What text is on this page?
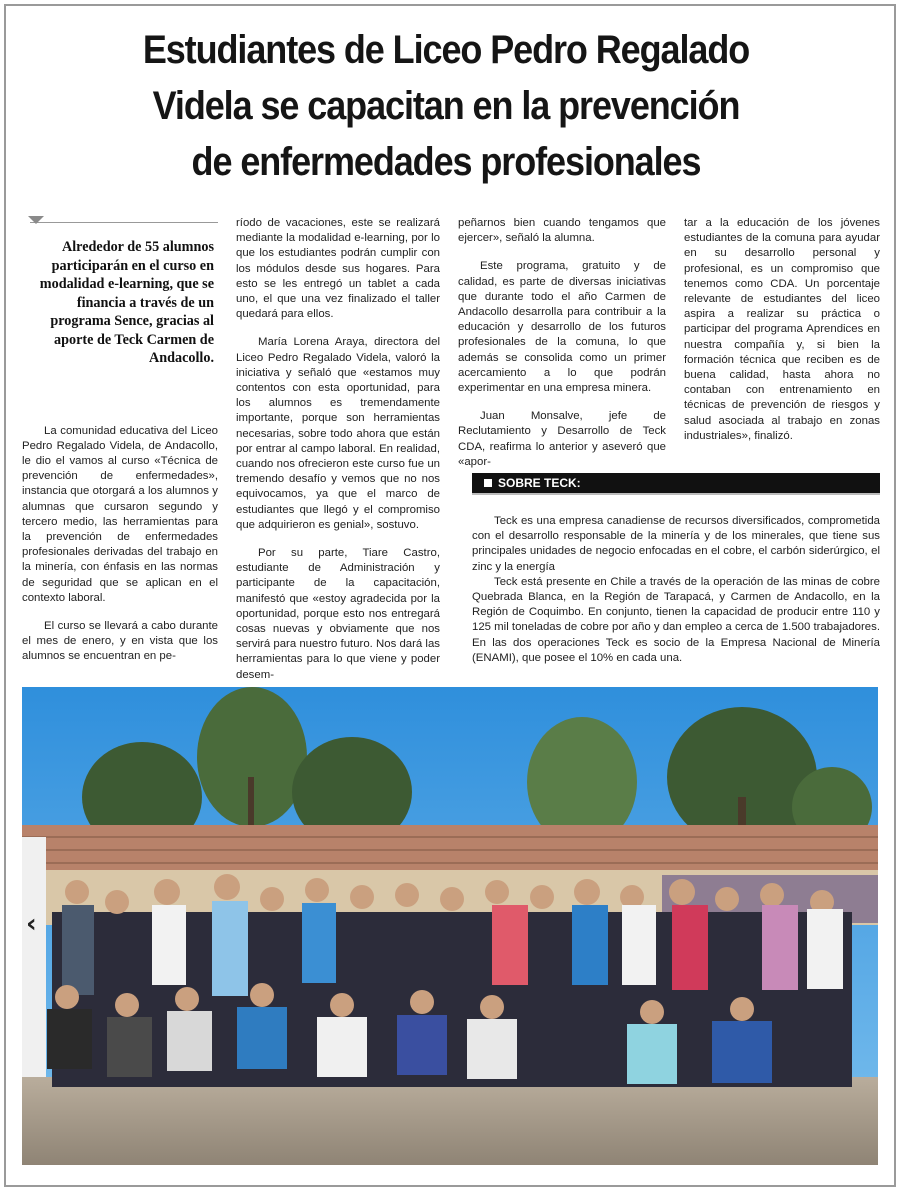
Estudiantes de Liceo Pedro Regalado
Videla se capacitan en la prevención
de enfermedades profesionales
Alrededor de 55 alumnos participarán en el curso en modalidad e-learning, que se financia a través de un programa Sence, gracias al aporte de Teck Carmen de Andacollo.

La comunidad educativa del Liceo Pedro Regalado Videla, de Andacollo, le dio el vamos al curso «Técnica de prevención de enfermedades», instancia que otorgará a los alumnos y alumnas que cursaron segundo y tercero medio, las herramientas para la prevención de enfermedades profesionales derivadas del trabajo en la minería, con énfasis en las normas de seguridad que se aplican en el contexto laboral.

El curso se llevará a cabo durante el mes de enero, y en vista que los alumnos se encuentran en pe-

ríodo de vacaciones, este se realizará mediante la modalidad e-learning, por lo que los estudiantes podrán cumplir con los módulos desde sus hogares. Para esto se les entregó un tablet a cada uno, el que una vez finalizado el taller quedará para ellos.

María Lorena Araya, directora del Liceo Pedro Regalado Videla, valoró la iniciativa y señaló que «estamos muy contentos con esta oportunidad, para los alumnos es tremendamente importante, porque son herramientas necesarias, sobre todo ahora que están por entrar al campo laboral. En realidad, cuando nos ofrecieron este curso fue un tremendo desafío y vemos que no nos equivocamos, ya que el marco de estudiantes que llegó y el compromiso que adquirieron es genial», sostuvo.

Por su parte, Tiare Castro, estudiante de Administración y participante de la capacitación, manifestó que «estoy agradecida por la oportunidad, porque esto nos entregará cosas nuevas y obviamente que nos servirá para nuestro futuro. Nos dará las herramientas para lo que viene y poder desem-

peñarnos bien cuando tengamos que ejercer», señaló la alumna.

Este programa, gratuito y de calidad, es parte de diversas iniciativas que durante todo el año Carmen de Andacollo desarrolla para contribuir a la educación y desarrollo de los futuros profesionales de la comuna, lo que además se consolida como un primer acercamiento a lo que podrán experimentar en una empresa minera.

Juan Monsalve, jefe de Reclutamiento y Desarrollo de Teck CDA, reafirma lo anterior y aseveró que «apor-

tar a la educación de los jóvenes estudiantes de la comuna para ayudar en su desarrollo personal y profesional, es un compromiso que tenemos como CDA. Un porcentaje relevante de estudiantes del liceo aspira a realizar su práctica o participar del programa Aprendices en nuestra compañía y, si bien la formación técnica que reciben es de buena calidad, hasta ahora no contaban con entrenamiento en técnicas de prevención de riesgos y salud asociada al trabajo en zonas industriales», finalizó.

SOBRE TECK:

Teck es una empresa canadiense de recursos diversificados, comprometida con el desarrollo responsable de la minería y de los minerales, que tiene sus principales unidades de negocio enfocadas en el cobre, el carbón siderúrgico, el zinc y la energía

Teck está presente en Chile a través de la operación de las minas de cobre Quebrada Blanca, en la Región de Tarapacá, y Carmen de Andacollo, en la Región de Coquimbo. En conjunto, tienen la capacidad de producir entre 110 y 125 mil toneladas de cobre por año y dan empleo a cerca de 1.500 trabajadores. En las dos operaciones Teck es socio de la Empresa Nacional de Minería (ENAMI), que posee el 10% en cada una.

‹
